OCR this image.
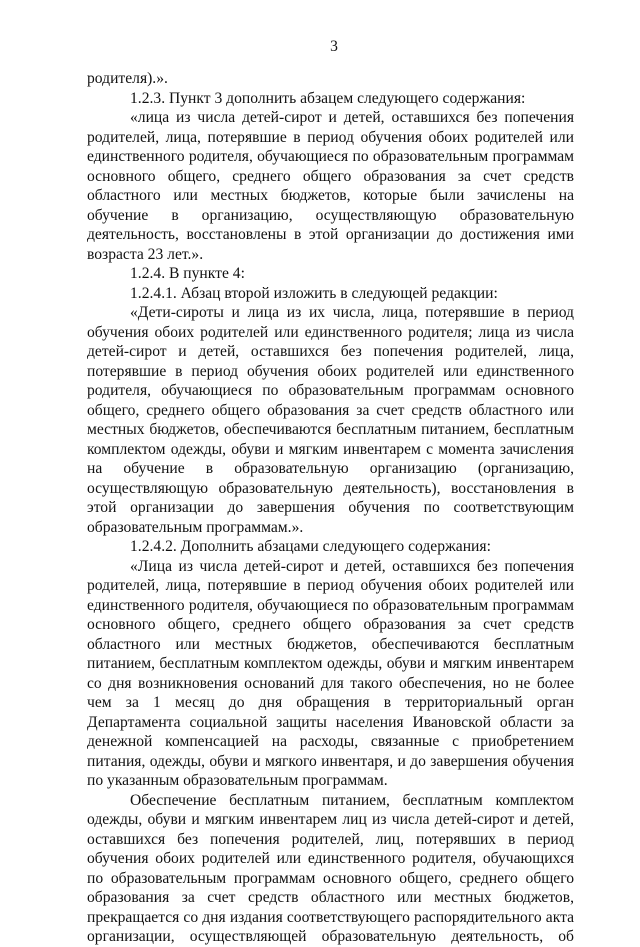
3

родителя).».

1.2.3. Пункт 3 дополнить абзацем следующего содержания:

«лица из числа детей-сирот и детей, оставшихся без попечения родителей, лица, потерявшие в период обучения обоих родителей или единственного родителя, обучающиеся по образовательным программам основного общего, среднего общего образования за счет средств областного или местных бюджетов, которые были зачислены на обучение в организацию, осуществляющую образовательную деятельность, восстановлены в этой организации до достижения ими возраста 23 лет.».

1.2.4. В пункте 4:

1.2.4.1. Абзац второй изложить в следующей редакции:

«Дети-сироты и лица из их числа, лица, потерявшие в период обучения обоих родителей или единственного родителя; лица из числа детей-сирот и детей, оставшихся без попечения родителей, лица, потерявшие в период обучения обоих родителей или единственного родителя, обучающиеся по образовательным программам основного общего, среднего общего образования за счет средств областного или местных бюджетов, обеспечиваются бесплатным питанием, бесплатным комплектом одежды, обуви и мягким инвентарем с момента зачисления на обучение в образовательную организацию (организацию, осуществляющую образовательную деятельность), восстановления в этой организации до завершения обучения по соответствующим образовательным программам.».

1.2.4.2. Дополнить абзацами следующего содержания:

«Лица из числа детей-сирот и детей, оставшихся без попечения родителей, лица, потерявшие в период обучения обоих родителей или единственного родителя, обучающиеся по образовательным программам основного общего, среднего общего образования за счет средств областного или местных бюджетов, обеспечиваются бесплатным питанием, бесплатным комплектом одежды, обуви и мягким инвентарем со дня возникновения оснований для такого обеспечения, но не более чем за 1 месяц до дня обращения в территориальный орган Департамента социальной защиты населения Ивановской области за денежной компенсацией на расходы, связанные с приобретением питания, одежды, обуви и мягкого инвентаря, и до завершения обучения по указанным образовательным программам.

Обеспечение бесплатным питанием, бесплатным комплектом одежды, обуви и мягким инвентарем лиц из числа детей-сирот и детей, оставшихся без попечения родителей, лиц, потерявших в период обучения обоих родителей или единственного родителя, обучающихся по образовательным программам основного общего, среднего общего образования за счет средств областного или местных бюджетов, прекращается со дня издания соответствующего распорядительного акта организации, осуществляющей образовательную деятельность, об
